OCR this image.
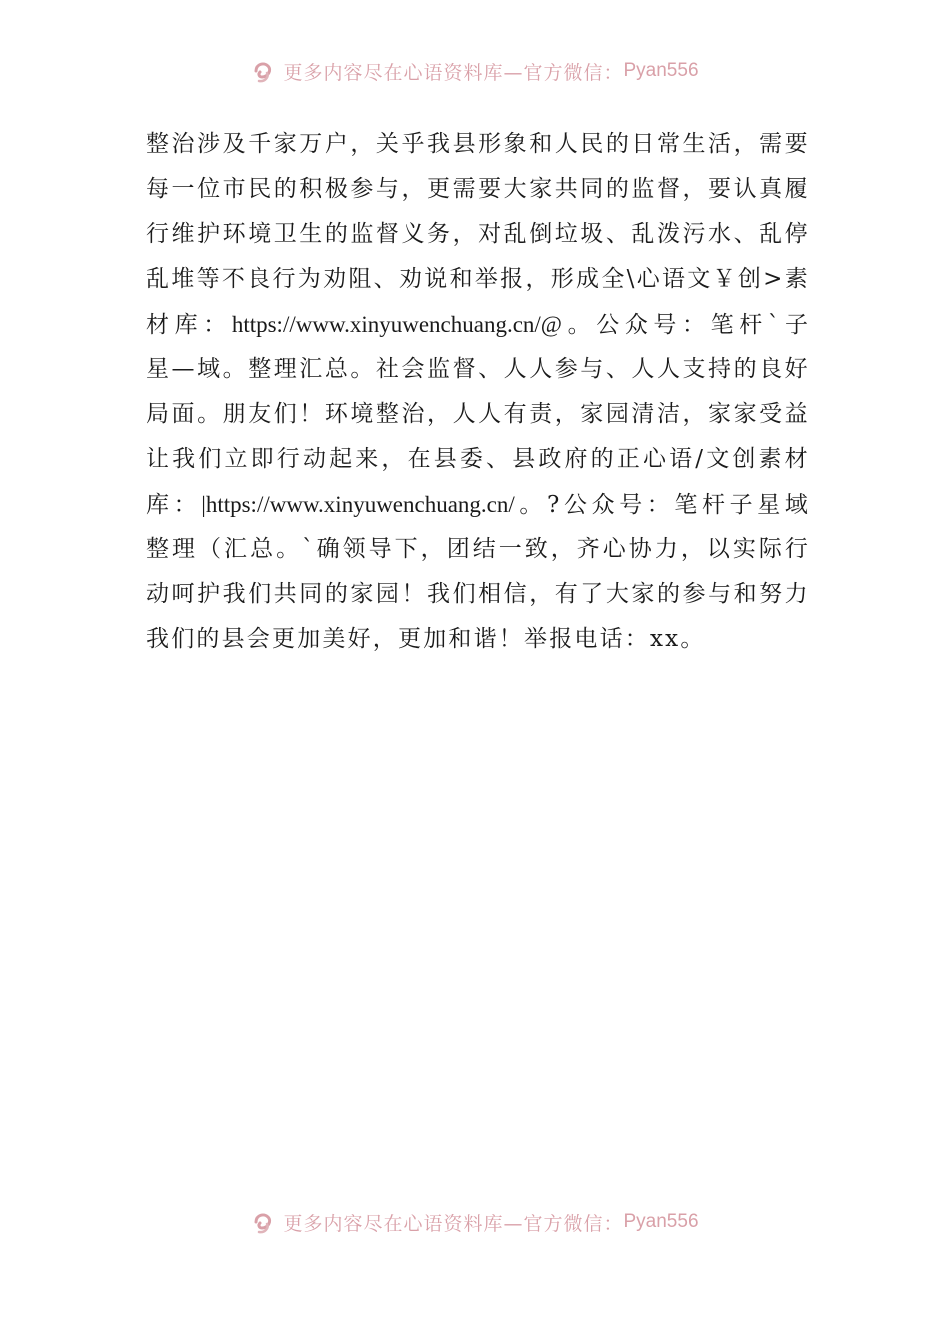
更多内容尽在心语资料库—官方微信： Pyan556
整 治 涉 及 千 家 万 户 ， 关 乎 我 县 形 象 和 人 民 的 日 常 生 活 ， 需 要
每 一 位 市 民 的 积 极 参 与 ， 更 需 要 大 家 共 同 的 监 督 ， 要 认 真 履
行 维 护 环 境 卫 生 的 监 督 义 务 ， 对 乱 倒 垃 圾 、 乱 泼 污 水 、 乱 停
乱 堆 等 不 良 行 为 劝 阻 、 劝 说 和 举 报 ， 形 成 全 \ 心 语 文 ￥ 创 > 素
材 库 ： https://www.xinyuwenchuang.cn/@ 。 公 众 号 ： 笔 杆 ` 子
星 — 域 。 整 理 汇 总 。 社 会 监 督 、 人 人 参 与 、 人 人 支 持 的 良 好
局 面 。 朋 友 们 ！ 环 境 整 治 ， 人 人 有 责 ， 家 园 清 洁 ， 家 家 受 益
让 我 们 立 即 行 动 起 来 ， 在 县 委 、 县 政 府 的 正 心 语 / 文 创 素 材
库 ： |https://www.xinyuwenchuang.cn/ 。 ? 公 众 号 ： 笔 杆 子 星 域
整 理 （ 汇 总 。 ` 确 领 导 下 ， 团 结 一 致 ， 齐 心 协 力 ， 以 实 际 行
动 呵 护 我 们 共 同 的 家 园 ！ 我 们 相 信 ， 有 了 大 家 的 参 与 和 努 力
我们的县会更加美好，更加和谐！举报电话：xx。
更多内容尽在心语资料库—官方微信： Pyan556
